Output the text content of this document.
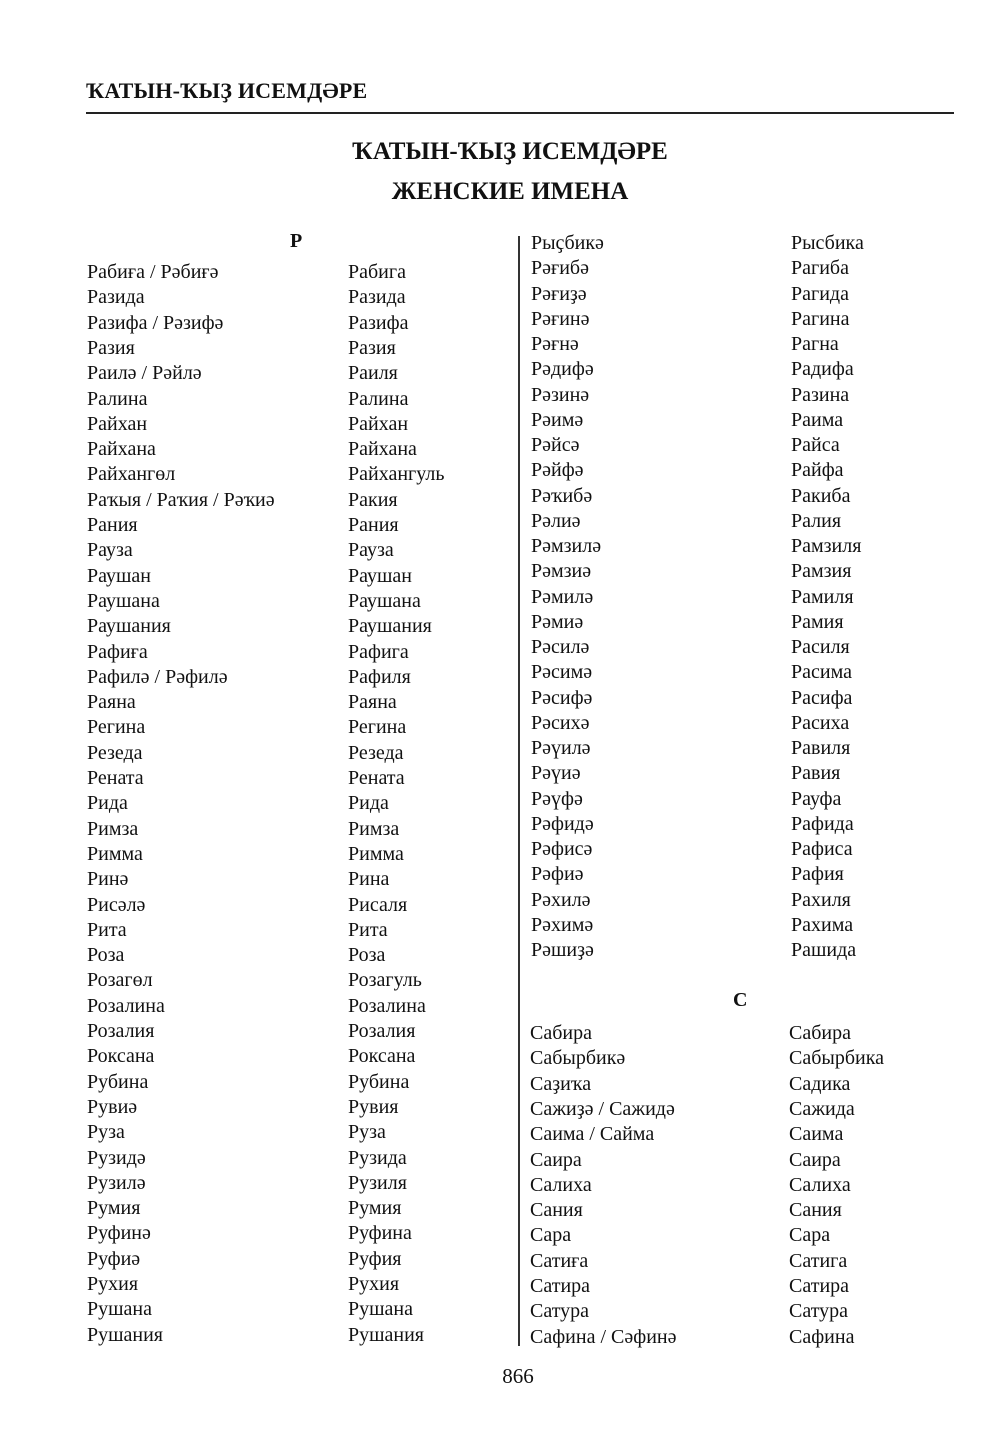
ҠАТЫН-ҠЫҘ ИСЕМДӘРЕ
ҠАТЫН-ҠЫҘ ИСЕМДӘРЕ
ЖЕНСКИЕ ИМЕНА
Р
Рабиға / Рәбиғә	Рабига
Разида	Разида
Разифа / Рәзифә	Разифа
Разия	Разия
Раилә / Рәйлә	Раиля
Ралина	Ралина
Райхан	Райхан
Райхана	Райхана
Райхангөл	Райхангуль
Раҡыя / Раҡия / Рәҡиә	Ракия
Рания	Рания
Рауза	Рауза
Раушан	Раушан
Раушана	Раушана
Раушания	Раушания
Рафиға	Рафига
Рафилә / Рәфилә	Рафиля
Раяна	Раяна
Регина	Регина
Резеда	Резеда
Рената	Рената
Рида	Рида
Римза	Римза
Римма	Римма
Ринә	Рина
Рисәлә	Рисаля
Рита	Рита
Роза	Роза
Розагөл	Розагуль
Розалина	Розалина
Розалия	Розалия
Роксана	Роксана
Рубина	Рубина
Рувиә	Рувия
Руза	Руза
Рузидә	Рузида
Рузилә	Рузиля
Румия	Румия
Руфинә	Руфина
Руфиә	Руфия
Рухия	Рухия
Рушана	Рушана
Рушания	Рушания
Рыҫбикә	Рысбика
Рәғибә	Рагиба
Рәғиҙә	Рагида
Рәғинә	Рагина
Рәғнә	Рагна
Рәдифә	Радифа
Рәзинә	Разина
Рәимә	Раима
Рәйсә	Райса
Рәйфә	Райфа
Рәҡибә	Ракиба
Рәлиә	Ралия
Рәмзилә	Рамзиля
Рәмзиә	Рамзия
Рәмилә	Рамиля
Рәмиә	Рамия
Рәсилә	Расиля
Рәсимә	Расима
Рәсифә	Расифа
Рәсихә	Расиха
Рәүилә	Равиля
Рәүиә	Равия
Рәүфә	Рауфа
Рәфидә	Рафида
Рәфисә	Рафиса
Рәфиә	Рафия
Рәхилә	Рахиля
Рәхимә	Рахима
Рәшиҙә	Рашида
С
Сабира	Сабира
Сабырбикә	Сабырбика
Саҙиҡа	Садика
Сажиҙә / Сажидә	Сажида
Саима / Сайма	Саима
Саира	Саира
Салиха	Салиха
Сания	Сания
Сара	Сара
Сатиға	Сатига
Сатира	Сатира
Сатура	Сатура
Сафина / Сәфинә	Сафина
866
